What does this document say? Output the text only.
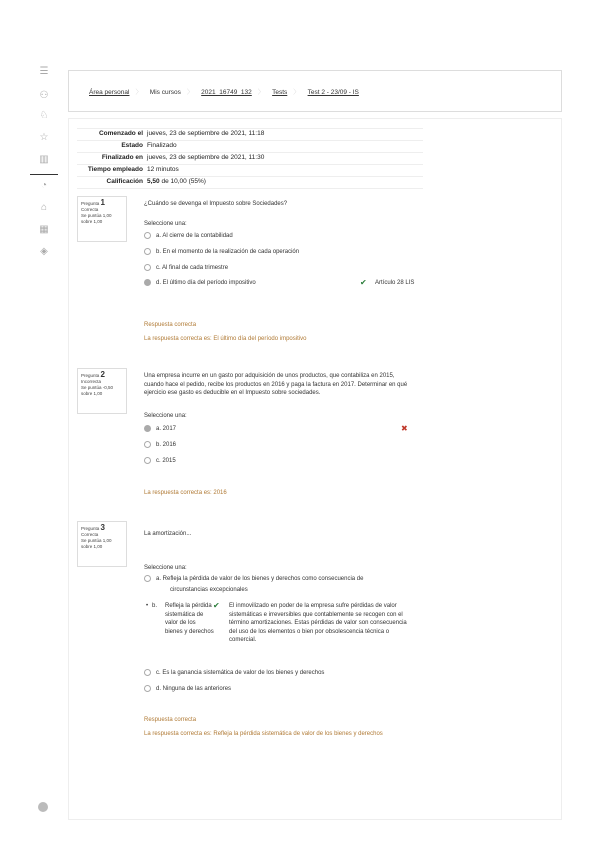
☰
⚇
♘
☆
▥
◔
⌂
▦
◈
Área personal 〉 Mis cursos 〉 2021_16749_132 〉 Tests 〉 Test 2 - 23/09 - IS
Comenzado el jueves, 23 de septiembre de 2021, 11:18
Estado Finalizado
Finalizado en jueves, 23 de septiembre de 2021, 11:30
Tiempo empleado 12 minutos
Calificación 5,50 de 10,00 (55%)
Pregunta 1
Correcta
Se puntúa 1,00 sobre 1,00
¿Cuándo se devenga el Impuesto sobre Sociedades?
Seleccione una:
a. Al cierre de la contabilidad
b. En el momento de la realización de cada operación
c. Al final de cada trimestre
d. El último día del período impositivo	✔ Artículo 28 LIS
Respuesta correcta
La respuesta correcta es: El último día del período impositivo
Pregunta 2
Incorrecta
Se puntúa -0,50 sobre 1,00
Una empresa incurre en un gasto por adquisición de unos productos, que contabiliza en 2015, cuando hace el pedido, recibe los productos en 2016 y paga la factura en 2017. Determinar en qué ejercicio ese gasto es deducible en el Impuesto sobre sociedades.
Seleccione una:
a. 2017	✖
b. 2016
c. 2015
La respuesta correcta es: 2016
Pregunta 3
Correcta
Se puntúa 1,00 sobre 1,00
La amortización...
Seleccione una:
a. Refleja la pérdida de valor de los bienes y derechos como consecuencia de
circunstancias excepcionales
• b. Refleja la pérdida sistemática de valor de los bienes y derechos
✔ El inmovilizado en poder de la empresa sufre pérdidas de valor sistemáticas e irreversibles que contablemente se recogen con el término amortizaciones. Estas pérdidas de valor son consecuencia del uso de los elementos o bien por obsolescencia técnica o comercial.
c. Es la ganancia sistemática de valor de los bienes y derechos
d. Ninguna de las anteriores
Respuesta correcta
La respuesta correcta es: Refleja la pérdida sistemática de valor de los bienes y derechos
